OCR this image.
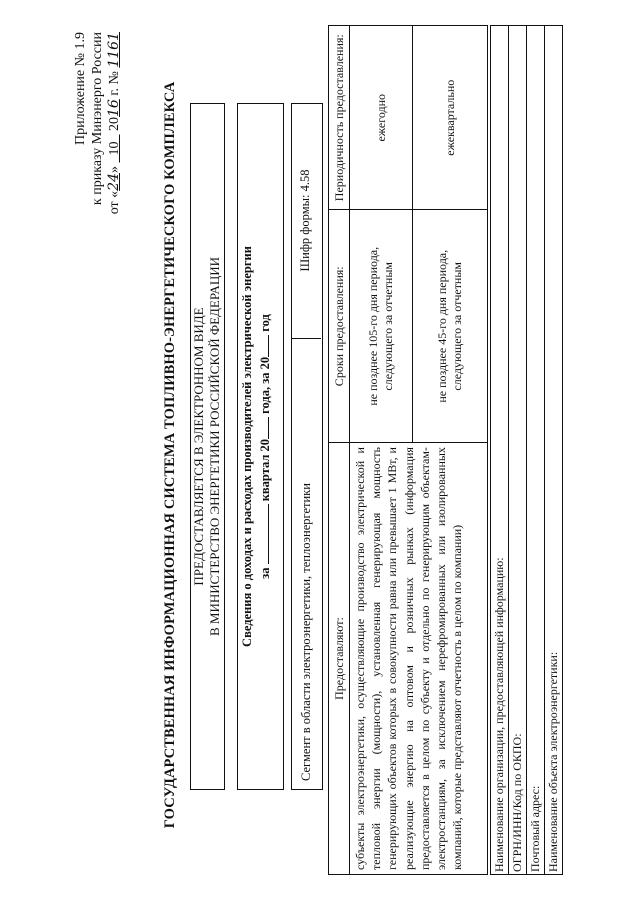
Приложение № 1.9 к приказу Минэнерго России от «24»   10   2016 г. № 1161
ГОСУДАРСТВЕННАЯ ИНФОРМАЦИОННАЯ СИСТЕМА ТОПЛИВНО-ЭНЕРГЕТИЧЕСКОГО КОМПЛЕКСА ПРЕДОСТАВЛЯЕТСЯ В ЭЛЕКТРОННОМ ВИДЕ В МИНИСТЕРСТВО ЭНЕРГЕТИКИ РОССИЙСКОЙ ФЕДЕРАЦИИ Сведения о доходах и расходах производителей электрической энергии за  квартал 20 года, за 20 год
Сегмент в области электроэнергетики, теплоэнергетики
Шифр формы: 4.58
Предоставляют:	Сроки предоставления:	Периодичность предоставления:
субъекты электроэнергетики, осуществляющие производство электрической и тепловой энергии (мощности), установленная генерирующая мощность генерирующих объектов которых в совокупности равна или превышает 1 МВт, и реализующие энергию на оптовом и розничных рынках (информация предоставляется в целом по субъекту и отдельно по генерирующим объектам-электростанциям, за исключением нерефромированных или изолированных компаний, которые представляют отчетность в целом по компании)	не позднее 105-го дня периода, следующего за отчетным	ежегодно
	не позднее 45-го дня периода, следующего за отчетным	ежеквартально
Наименование организации, предоставляющей информацию:
ОГРН/ИНН/Код по ОКПО:
Почтовый адрес:
Наименование объекта электроэнергетики:
